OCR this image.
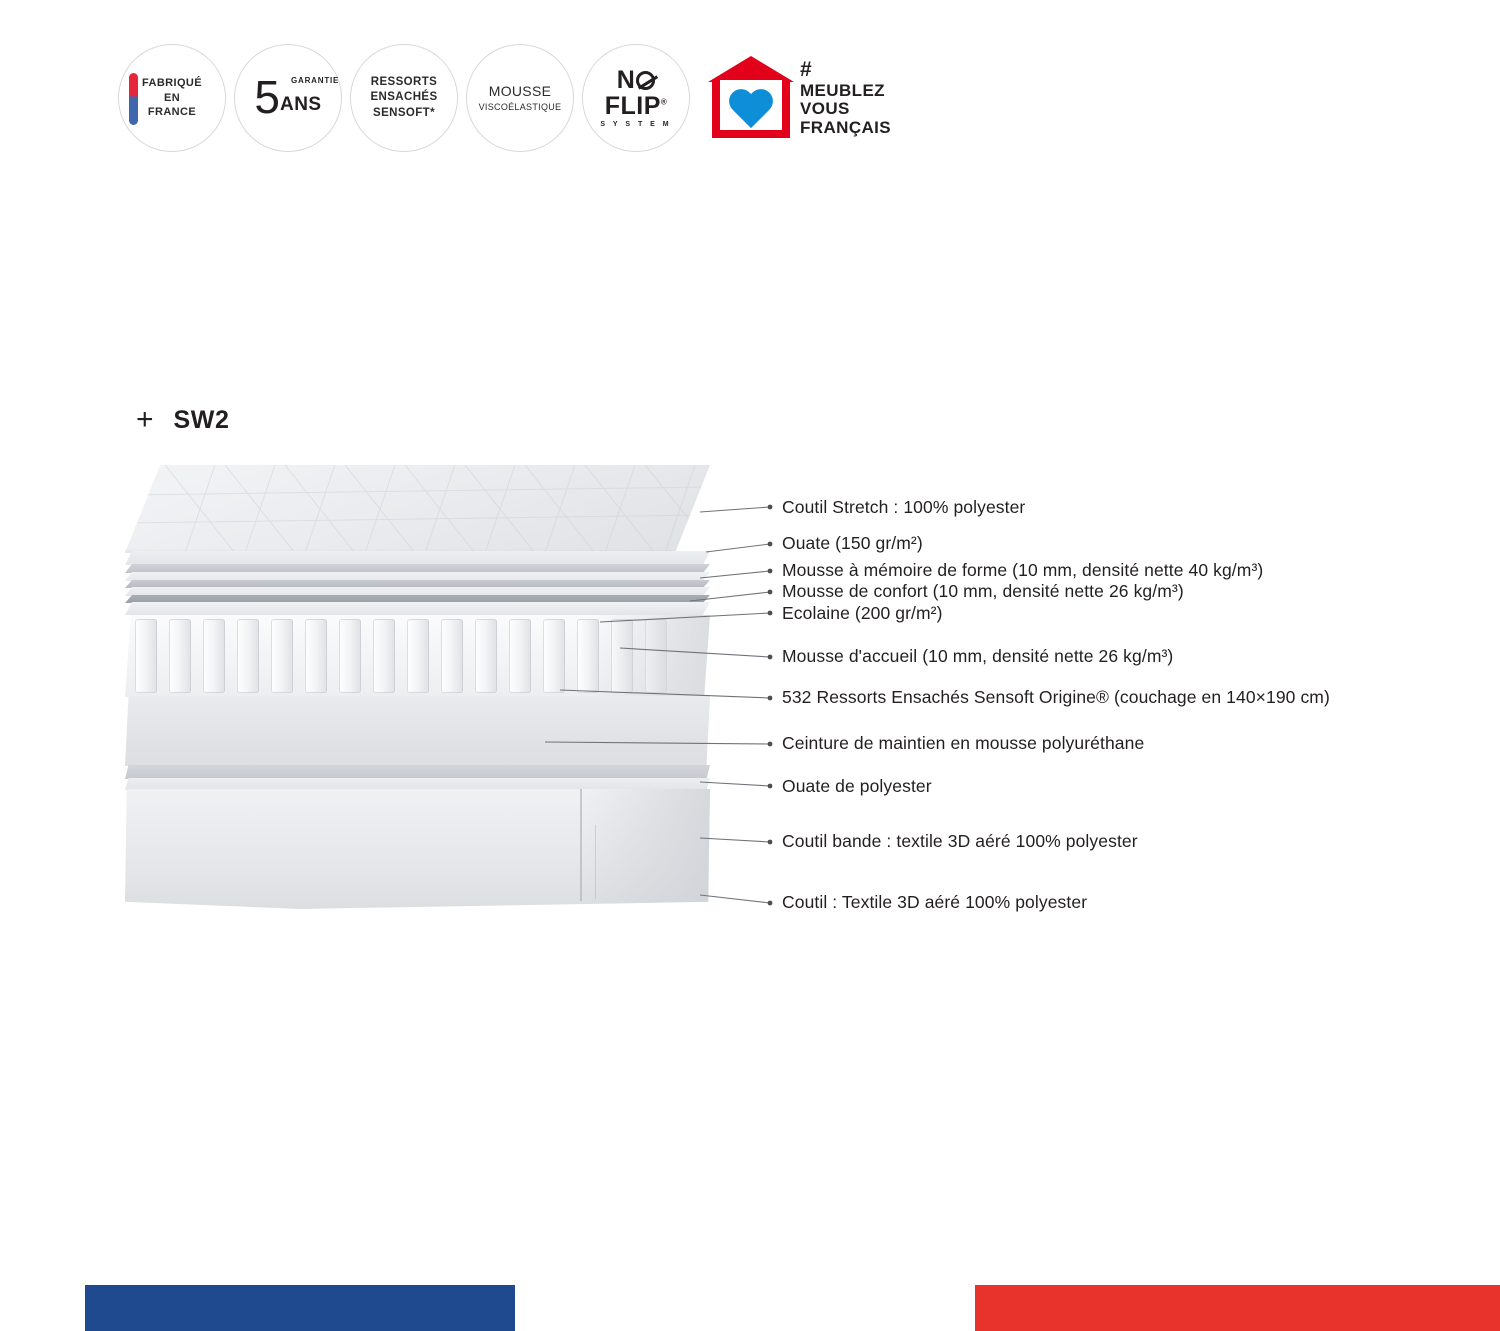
FABRIQUÉ
EN
FRANCE
GARANTIE
5 ANS
RESSORTS
ENSACHÉS
SENSOFT*
MOUSSE
VISCOÉLASTIQUE
N
FLIP®
S Y S T E M
#
MEUBLEZ
VOUS
FRANÇAIS
+ SW2
Coutil Stretch : 100% polyester
Ouate (150 gr/m²)
Mousse à mémoire de forme (10 mm, densité nette 40 kg/m³)
Mousse de confort (10 mm, densité nette 26 kg/m³)
Ecolaine (200 gr/m²)
Mousse d'accueil (10 mm, densité nette 26 kg/m³)
532 Ressorts Ensachés Sensoft Origine® (couchage en 140×190 cm)
Ceinture de maintien en mousse polyuréthane
Ouate de polyester
Coutil bande : textile 3D aéré 100% polyester
Coutil : Textile 3D aéré 100% polyester
